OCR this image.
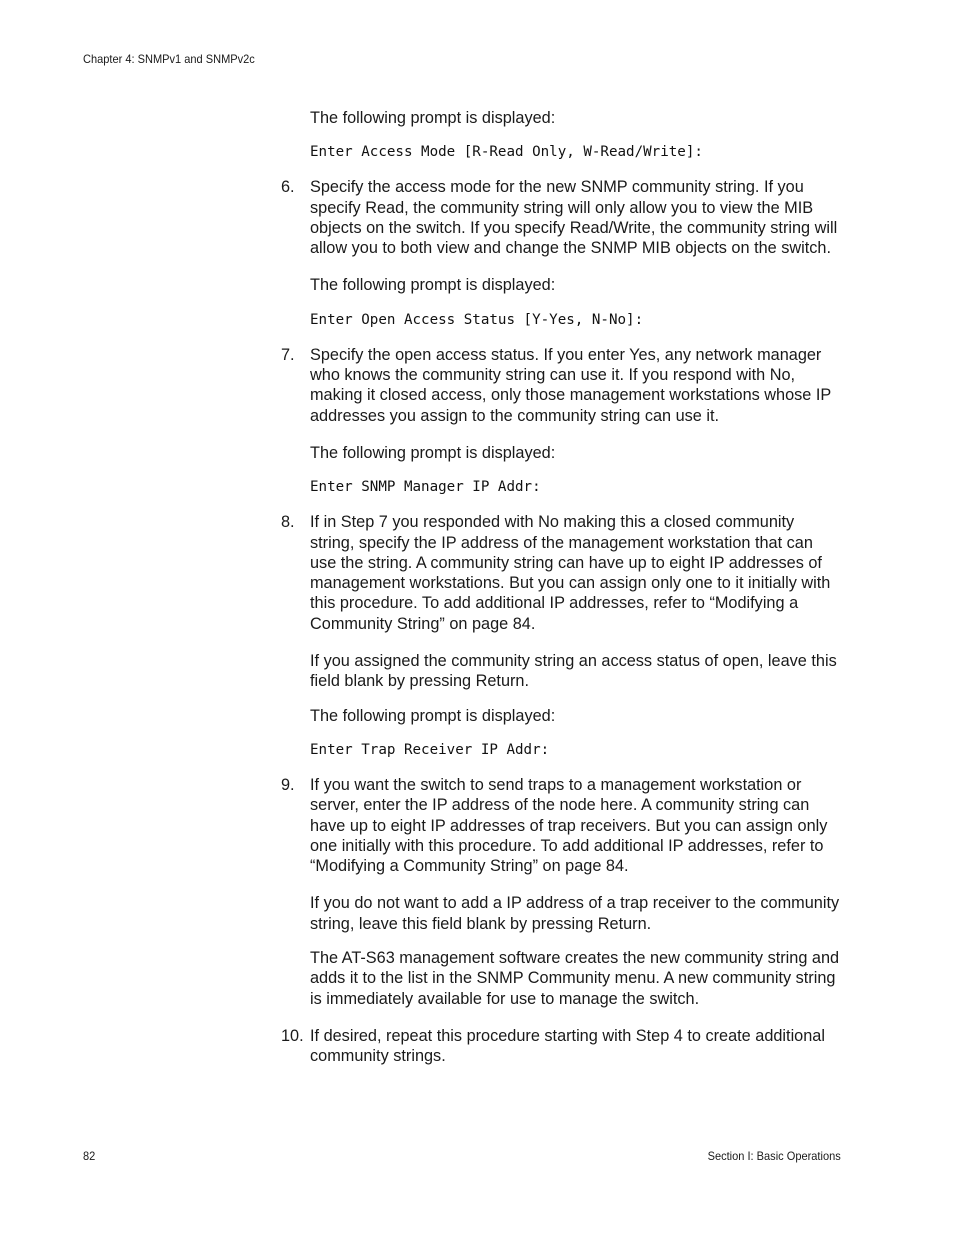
Chapter 4: SNMPv1 and SNMPv2c
The following prompt is displayed:
Enter Access Mode [R-Read Only, W-Read/Write]:
6. Specify the access mode for the new SNMP community string. If you specify Read, the community string will only allow you to view the MIB objects on the switch. If you specify Read/Write, the community string will allow you to both view and change the SNMP MIB objects on the switch.
The following prompt is displayed:
Enter Open Access Status [Y-Yes, N-No]:
7. Specify the open access status. If you enter Yes, any network manager who knows the community string can use it. If you respond with No, making it closed access, only those management workstations whose IP addresses you assign to the community string can use it.
The following prompt is displayed:
Enter SNMP Manager IP Addr:
8. If in Step 7 you responded with No making this a closed community string, specify the IP address of the management workstation that can use the string. A community string can have up to eight IP addresses of management workstations. But you can assign only one to it initially with this procedure. To add additional IP addresses, refer to “Modifying a Community String” on page 84.
If you assigned the community string an access status of open, leave this field blank by pressing Return.
The following prompt is displayed:
Enter Trap Receiver IP Addr:
9. If you want the switch to send traps to a management workstation or server, enter the IP address of the node here. A community string can have up to eight IP addresses of trap receivers. But you can assign only one initially with this procedure. To add additional IP addresses, refer to “Modifying a Community String” on page 84.
If you do not want to add a IP address of a trap receiver to the community string, leave this field blank by pressing Return.
The AT-S63 management software creates the new community string and adds it to the list in the SNMP Community menu. A new community string is immediately available for use to manage the switch.
10. If desired, repeat this procedure starting with Step 4 to create additional community strings.
82	Section I: Basic Operations
